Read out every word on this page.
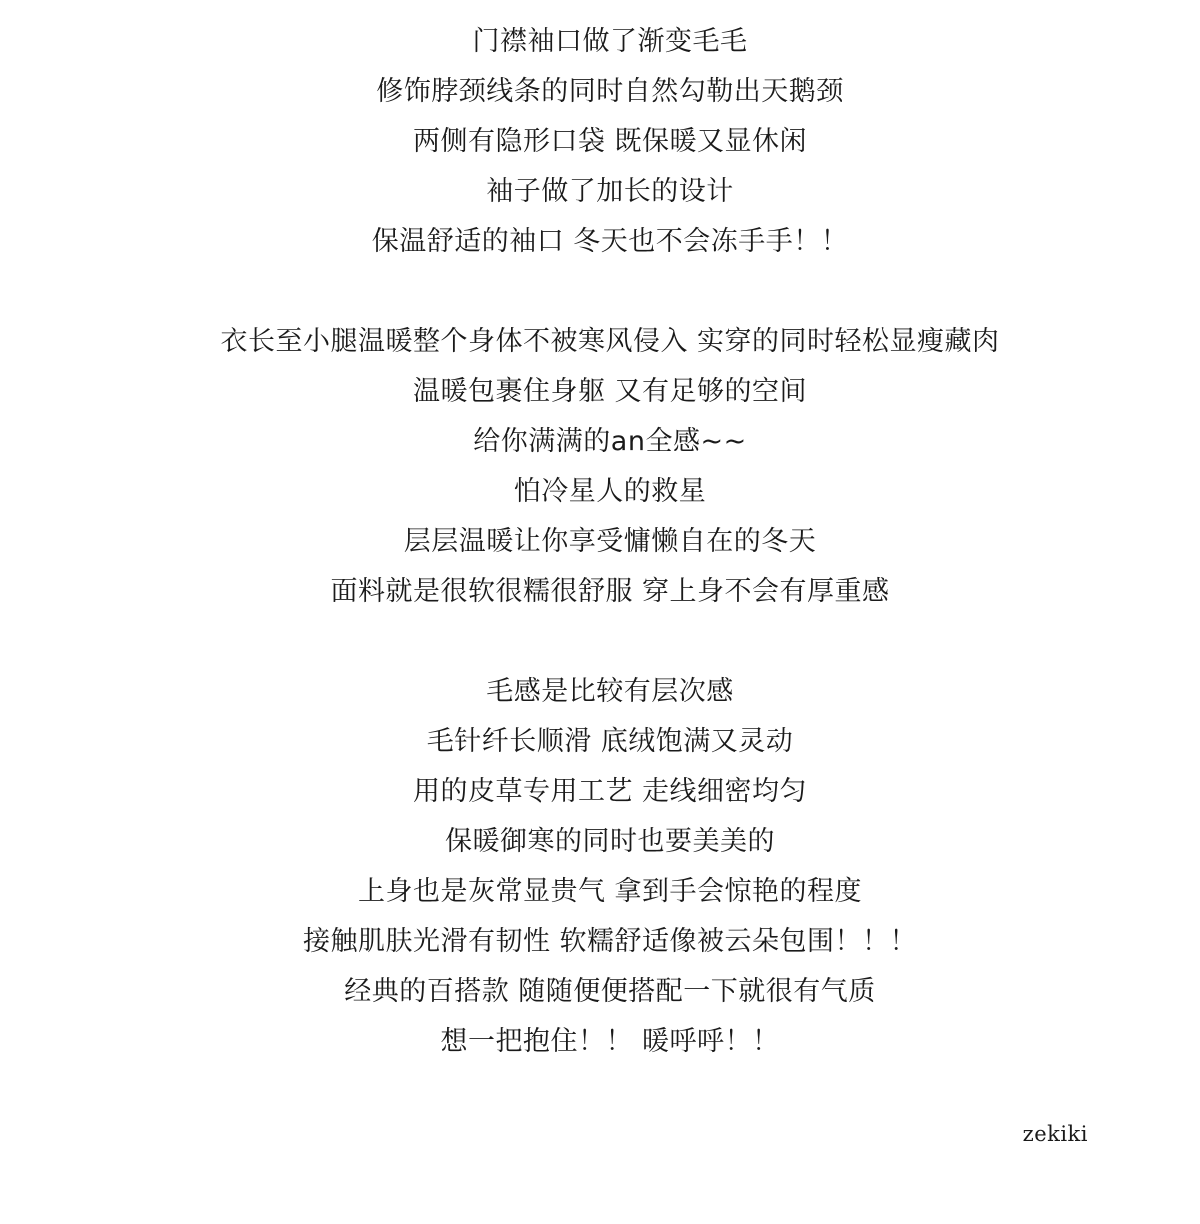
门襟袖口做了渐变毛毛
修饰脖颈线条的同时自然勾勒出天鹅颈
两侧有隐形口袋 既保暖又显休闲
袖子做了加长的设计
保温舒适的袖口 冬天也不会冻手手！！
衣长至小腿温暖整个身体不被寒风侵入 实穿的同时轻松显瘦藏肉
温暖包裹住身躯 又有足够的空间
给你满满的an全感~~
怕冷星人的救星
层层温暖让你享受慵懒自在的冬天
面料就是很软很糯很舒服 穿上身不会有厚重感
毛感是比较有层次感
毛针纤长顺滑 底绒饱满又灵动
用的皮草专用工艺 走线细密均匀
保暖御寒的同时也要美美的
上身也是灰常显贵气 拿到手会惊艳的程度
接触肌肤光滑有韧性 软糯舒适像被云朵包围！！！
经典的百搭款 随随便便搭配一下就很有气质
想一把抱住！！ 暖呼呼！！
zekiki
